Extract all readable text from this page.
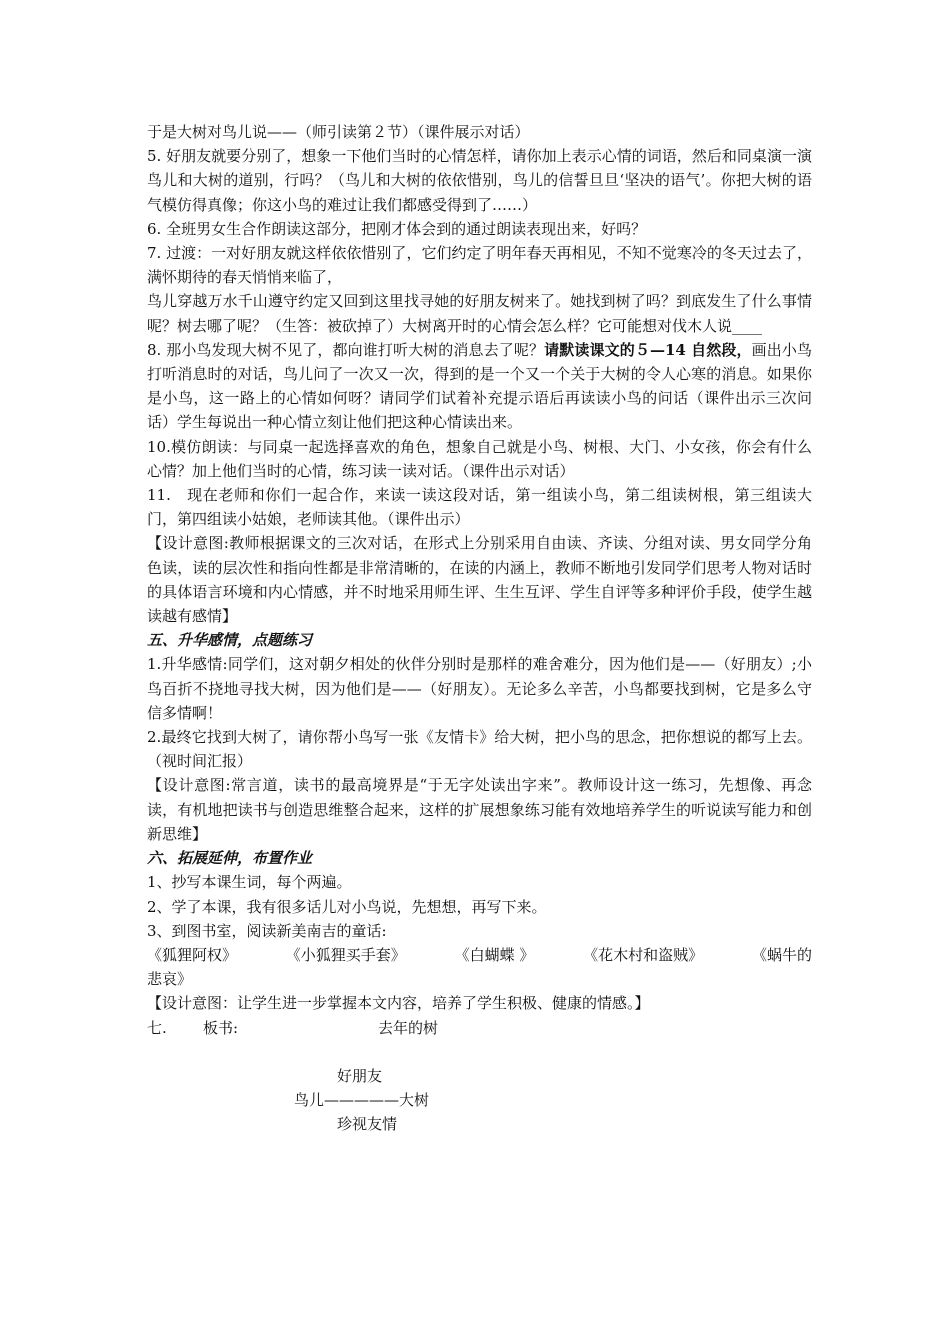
于是大树对鸟儿说——（师引读第２节）（课件展示对话）

5. 好朋友就要分别了，想象一下他们当时的心情怎样，请你加上表示心情的词语，然后和同桌演一演鸟儿和大树的道别，行吗？（鸟儿和大树的依依惜别，鸟儿的信誓旦旦‘坚决的语气’。你把大树的语气模仿得真像；你这小鸟的难过让我们都感受得到了……）

6. 全班男女生合作朗读这部分，把刚才体会到的通过朗读表现出来，好吗？

7. 过渡：一对好朋友就这样依依惜别了，它们约定了明年春天再相见，不知不觉寒冷的冬天过去了，满怀期待的春天悄悄来临了，

鸟儿穿越万水千山遵守约定又回到这里找寻她的好朋友树来了。她找到树了吗？到底发生了什么事情呢？树去哪了呢？（生答：被砍掉了）大树离开时的心情会怎么样？它可能想对伐木人说____

8. 那小鸟发现大树不见了，都向谁打听大树的消息去了呢？请默读课文的５—14 自然段，画出小鸟打听消息时的对话，鸟儿问了一次又一次，得到的是一个又一个关于大树的令人心寒的消息。如果你是小鸟，这一路上的心情如何呀？请同学们试着补充提示语后再读读小鸟的问话（课件出示三次问话）学生每说出一种心情立刻让他们把这种心情读出来。

10.模仿朗读：与同桌一起选择喜欢的角色，想象自己就是小鸟、树根、大门、小女孩，你会有什么心情？加上他们当时的心情，练习读一读对话。（课件出示对话）

11.　现在老师和你们一起合作，来读一读这段对话，第一组读小鸟，第二组读树根，第三组读大门，第四组读小姑娘，老师读其他。（课件出示）

【设计意图:教师根据课文的三次对话，在形式上分别采用自由读、齐读、分组对读、男女同学分角色读，读的层次性和指向性都是非常清晰的，在读的内涵上，教师不断地引发同学们思考人物对话时的具体语言环境和内心情感，并不时地采用师生评、生生互评、学生自评等多种评价手段，使学生越读越有感情】

五、升华感情，点题练习

1.升华感情:同学们，这对朝夕相处的伙伴分别时是那样的难舍难分，因为他们是——（好朋友）;小鸟百折不挠地寻找大树，因为他们是——（好朋友）。无论多么辛苦，小鸟都要找到树，它是多么守信多情啊！

2.最终它找到大树了，请你帮小鸟写一张《友情卡》给大树，把小鸟的思念，把你想说的都写上去。（视时间汇报）

【设计意图:常言道，读书的最高境界是“于无字处读出字来”。教师设计这一练习，先想像、再念读，有机地把读书与创造思维整合起来，这样的扩展想象练习能有效地培养学生的听说读写能力和创新思维】

六、拓展延伸，布置作业

1、抄写本课生词，每个两遍。

2、学了本课，我有很多话儿对小鸟说，先想想，再写下来。

3、到图书室，阅读新美南吉的童话:

《狐狸阿权》	《小狐狸买手套》	《白蝴蝶 》	《花木村和盗贼》	《蜗牛的

悲哀》

【设计意图：让学生进一步掌握本文内容，培养了学生积极、健康的情感。】

七. 板书:	去年的树
好朋友
鸟儿—————大树
珍视友情
